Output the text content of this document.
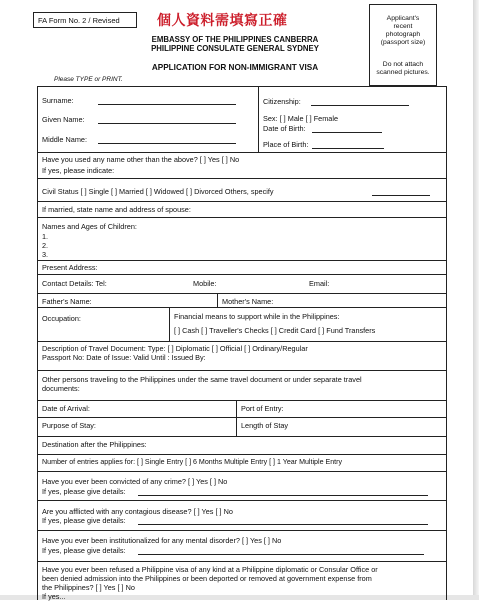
FA Form No. 2 / Revised	個人資料需填寫正確	Applicant's
recent
photograph
(passport size)
Do not attach
scanned pictures.
EMBASSY OF THE PHILIPPINES CANBERRA
PHILIPPINE CONSULATE GENERAL SYDNEY
APPLICATION FOR NON-IMMIGRANT VISA
Please TYPE or PRINT.
Surname:
Given Name:
Middle Name:
Citizenship:
Sex: [ ] Male [ ] Female
Date of Birth:
Place of Birth:
Have you used any name other than the above? [ ] Yes [ ] No
If yes, please indicate:
Civil Status [ ] Single [ ] Married [ ] Widowed [ ] Divorced Others, specify
If married, state name and address of spouse:
Names and Ages of Children:
1.
2.
3.
Present Address:
Contact Details: Tel:	Mobile:	Email:
Father's Name:	Mother's Name:
Occupation:	Financial means to support while in the Philippines:
[ ] Cash [ ] Traveller's Checks [ ] Credit Card [ ] Fund Transfers
Description of Travel Document: Type: [ ] Diplomatic [ ] Official [ ] Ordinary/Regular
Passport No: Date of Issue: Valid Until : Issued By:
Other persons traveling to the Philippines under the same travel document or under separate travel
documents:
Date of Arrival:	Port of Entry:
Purpose of Stay:	Length of Stay
Destination after the Philippines:
Number of entries applies for: [ ] Single Entry [ ] 6 Months Multiple Entry [ ] 1 Year Multiple Entry
Have you ever been convicted of any crime? [ ] Yes [ ] No
If yes, please give details:
Are you afflicted with any contagious disease? [ ] Yes [ ] No
If yes, please give details:
Have you ever been institutionalized for any mental disorder? [ ] Yes [ ] No
If yes, please give details:
Have you ever been refused a Philippine visa of any kind at a Philippine diplomatic or Consular Office or
been denied admission into the Philippines or been deported or removed at government expense from
the Philippines? [ ] Yes [ ] No
If yes...
